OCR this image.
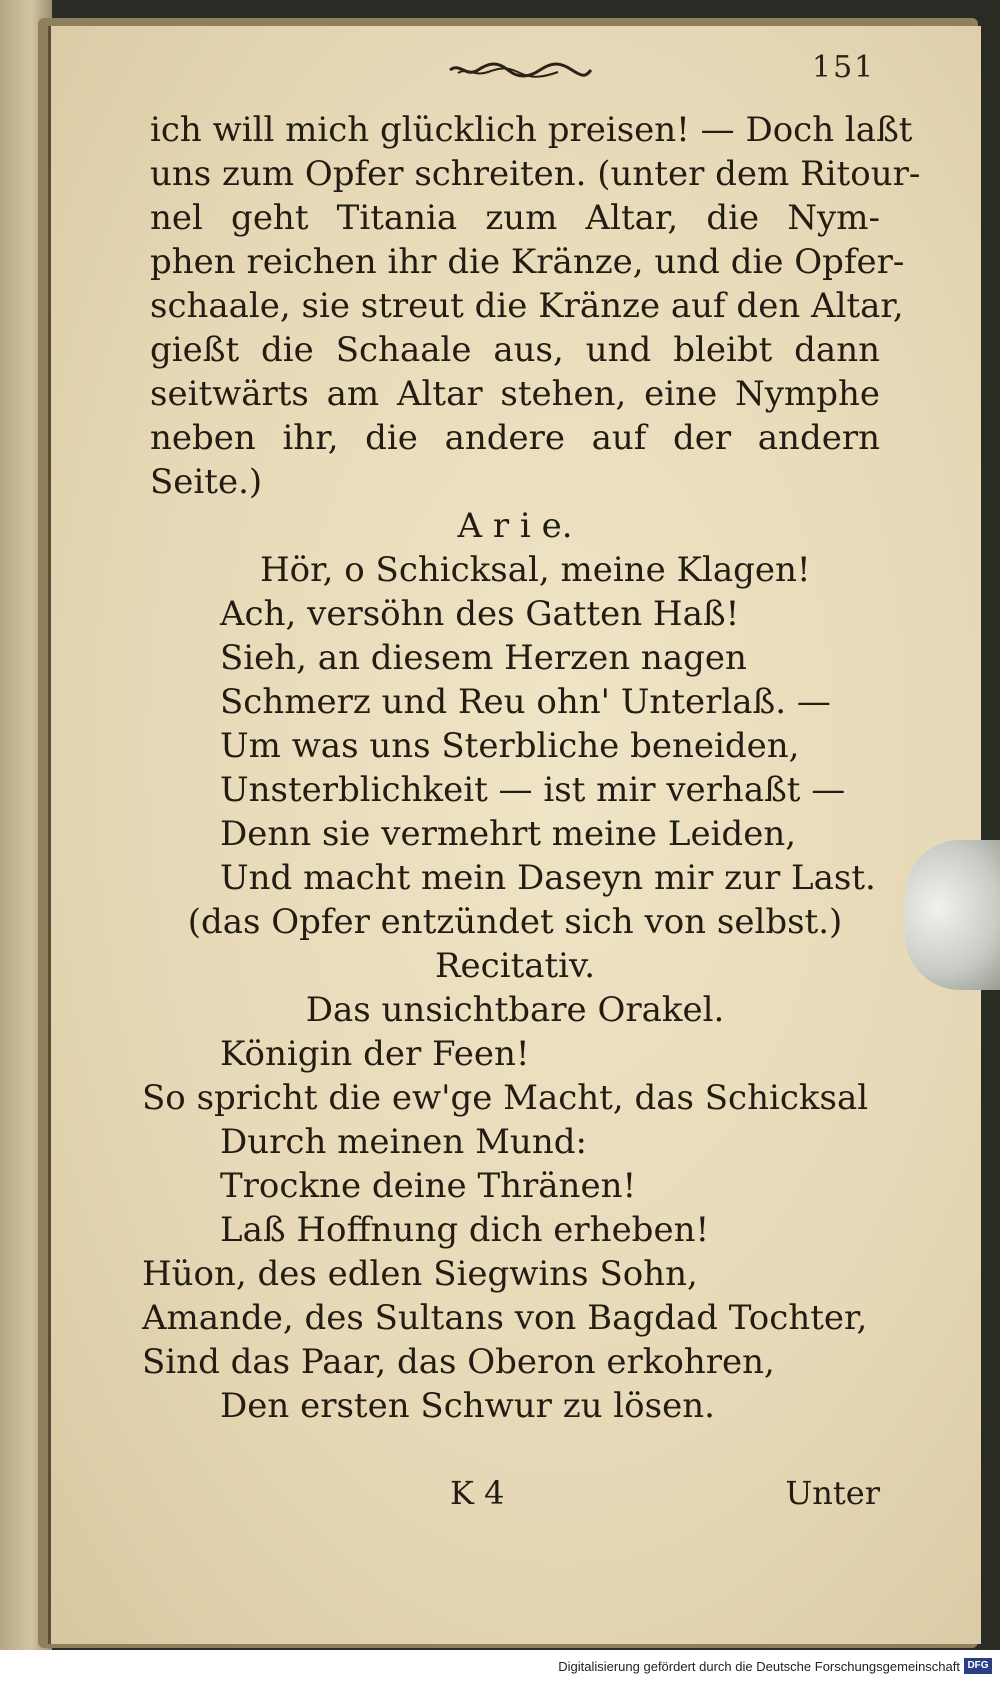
151

ich will mich glücklich preisen! — Doch laßt

uns zum Opfer schreiten. (unter dem Ritour-

nel geht Titania zum Altar, die Nym-

phen reichen ihr die Kränze, und die Opfer-

schaale, sie streut die Kränze auf den Altar,

gießt die Schaale aus, und bleibt dann

seitwärts am Altar stehen, eine Nymphe

neben ihr, die andere auf der andern

Seite.)

A r i e.

Hör, o Schicksal, meine Klagen!

Ach, versöhn des Gatten Haß!

Sieh, an diesem Herzen nagen

Schmerz und Reu ohn' Unterlaß. —

Um was uns Sterbliche beneiden,

Unsterblichkeit — ist mir verhaßt —

Denn sie vermehrt meine Leiden,

Und macht mein Daseyn mir zur Last.

(das Opfer entzündet sich von selbst.)

Recitativ.

Das unsichtbare Orakel.

Königin der Feen!

So spricht die ew'ge Macht, das Schicksal

Durch meinen Mund:

Trockne deine Thränen!

Laß Hoffnung dich erheben!

Hüon, des edlen Siegwins Sohn,

Amande, des Sultans von Bagdad Tochter,

Sind das Paar, das Oberon erkohren,

Den ersten Schwur zu lösen.

K 4	Unter
Digitalisierung gefördert durch die Deutsche Forschungsgemeinschaft DFG
